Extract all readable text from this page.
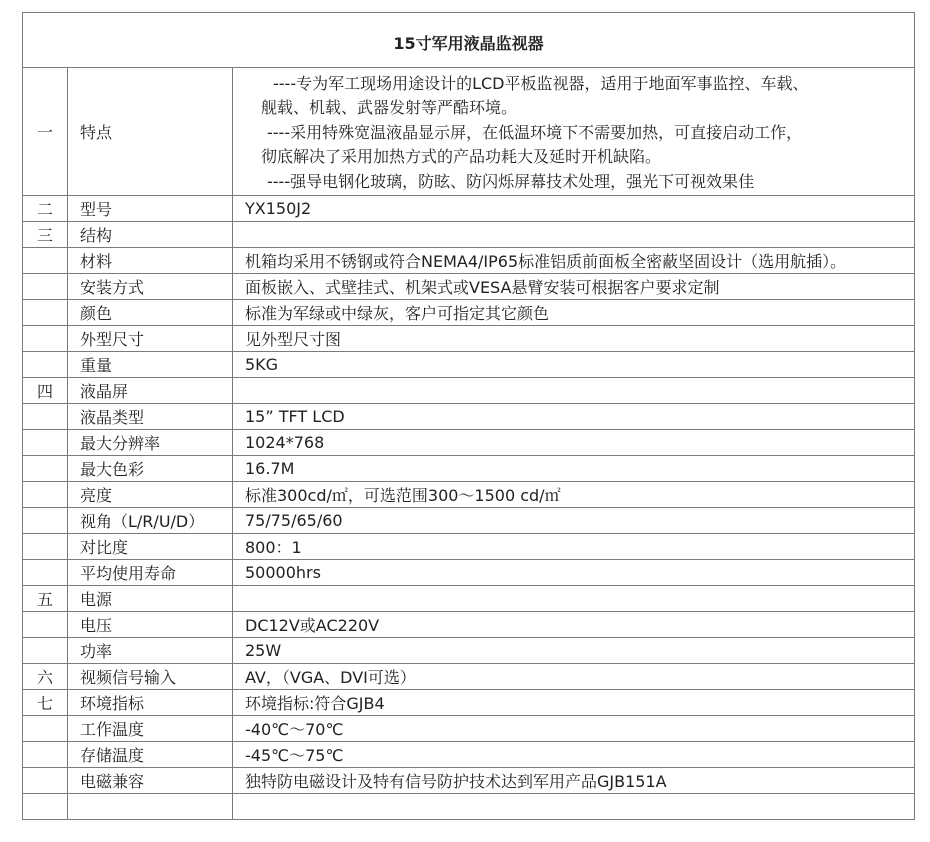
15寸军用液晶监视器		
一	特点	----专为军工现场用途设计的LCD平板监视器，适用于地面军事监控、车载、
舰载、机载、武器发射等严酷环境。
----采用特殊宽温液晶显示屏，在低温环境下不需要加热，可直接启动工作，
彻底解决了采用加热方式的产品功耗大及延时开机缺陷。
----强导电钢化玻璃，防眩、防闪烁屏幕技术处理，强光下可视效果佳

二	型号	YX150J2
三	结构	
	材料	机箱均采用不锈钢或符合NEMA4/IP65标准铝质前面板全密蔽坚固设计（选用航插）。
	安装方式	面板嵌入、式壁挂式、机架式或VESA悬臂安装可根据客户要求定制
	颜色	标准为军绿或中绿灰，客户可指定其它颜色
	外型尺寸	见外型尺寸图
	重量	5KG
四	液晶屏	
	液晶类型	15” TFT LCD
	最大分辨率	1024*768
	最大色彩	16.7M
	亮度	标准300cd/㎡，可选范围300～1500 cd/㎡
	视角（L/R/U/D）	75/75/65/60
	对比度	800：1
	平均使用寿命	50000hrs
五	电源	
	电压	DC12V或AC220V
	功率	25W
六	视频信号输入	AV，（VGA、DVI可选）
七	环境指标	环境指标:符合GJB4
	工作温度	-40℃～70℃
	存储温度	-45℃～75℃
	电磁兼容	独特防电磁设计及特有信号防护技术达到军用产品GJB151A
